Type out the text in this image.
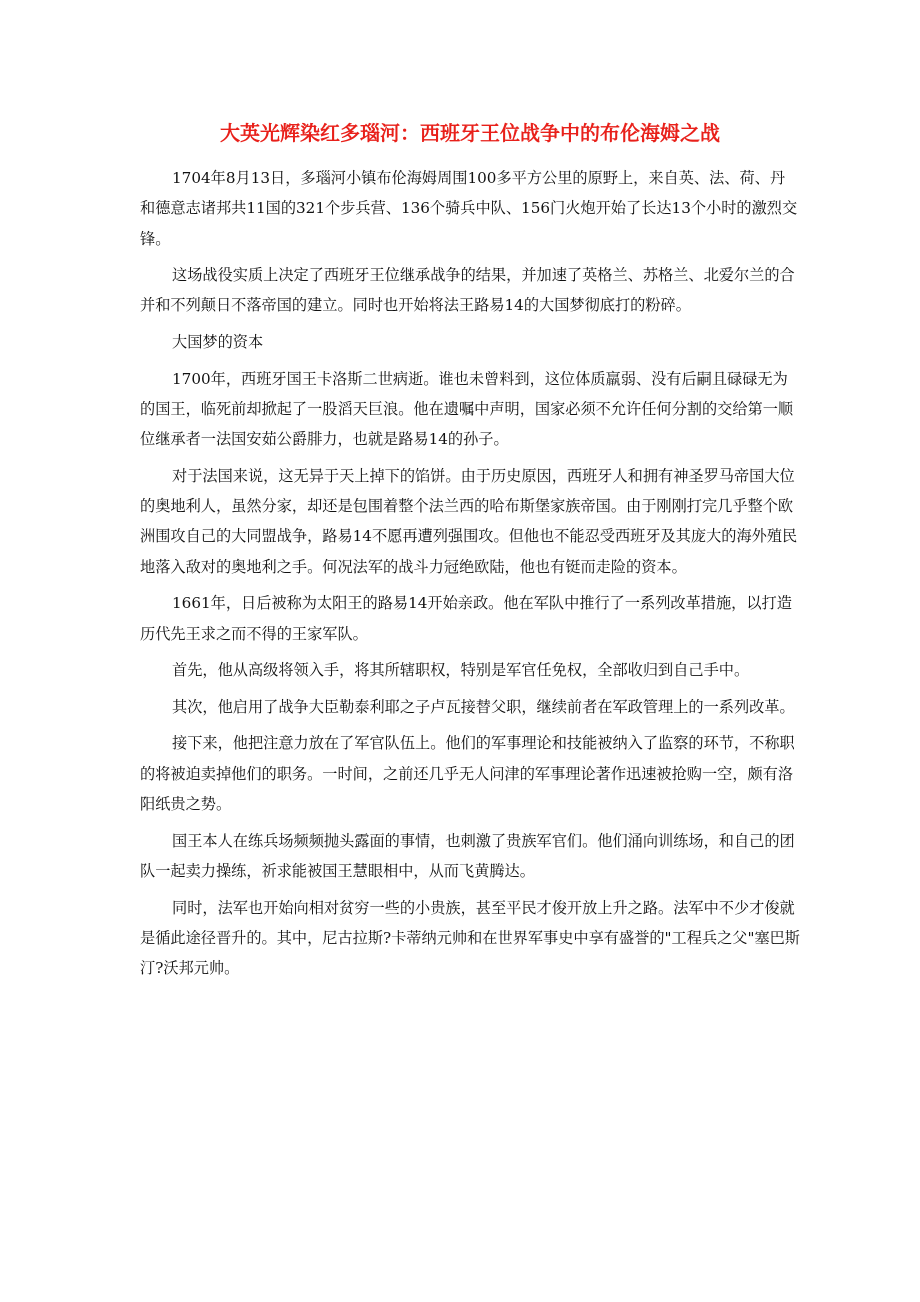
大英光辉染红多瑙河：西班牙王位战争中的布伦海姆之战

1704年8月13日，多瑙河小镇布伦海姆周围100多平方公里的原野上，来自英、法、荷、丹和德意志诸邦共11国的321个步兵营、136个骑兵中队、156门火炮开始了长达13个小时的激烈交锋。

这场战役实质上决定了西班牙王位继承战争的结果，并加速了英格兰、苏格兰、北爱尔兰的合并和不列颠日不落帝国的建立。同时也开始将法王路易14的大国梦彻底打的粉碎。

大国梦的资本

1700年，西班牙国王卡洛斯二世病逝。谁也未曾料到，这位体质羸弱、没有后嗣且碌碌无为的国王，临死前却掀起了一股滔天巨浪。他在遗嘱中声明，国家必须不允许任何分割的交给第一顺位继承者一法国安茹公爵腓力，也就是路易14的孙子。

对于法国来说，这无异于天上掉下的馅饼。由于历史原因，西班牙人和拥有神圣罗马帝国大位的奥地利人，虽然分家，却还是包围着整个法兰西的哈布斯堡家族帝国。由于刚刚打完几乎整个欧洲围攻自己的大同盟战争，路易14不愿再遭列强围攻。但他也不能忍受西班牙及其庞大的海外殖民地落入敌对的奥地利之手。何况法军的战斗力冠绝欧陆，他也有铤而走险的资本。

1661年，日后被称为太阳王的路易14开始亲政。他在军队中推行了一系列改革措施，以打造历代先王求之而不得的王家军队。

首先，他从高级将领入手，将其所辖职权，特别是军官任免权，全部收归到自己手中。

其次，他启用了战争大臣勒泰利耶之子卢瓦接替父职，继续前者在军政管理上的一系列改革。

接下来，他把注意力放在了军官队伍上。他们的军事理论和技能被纳入了监察的环节，不称职的将被迫卖掉他们的职务。一时间，之前还几乎无人问津的军事理论著作迅速被抢购一空，颇有洛阳纸贵之势。

国王本人在练兵场频频抛头露面的事情，也刺激了贵族军官们。他们涌向训练场，和自己的团队一起卖力操练，祈求能被国王慧眼相中，从而飞黄腾达。

同时，法军也开始向相对贫穷一些的小贵族，甚至平民才俊开放上升之路。法军中不少才俊就是循此途径晋升的。其中，尼古拉斯?卡蒂纳元帅和在世界军事史中享有盛誉的"工程兵之父"塞巴斯汀?沃邦元帅。
